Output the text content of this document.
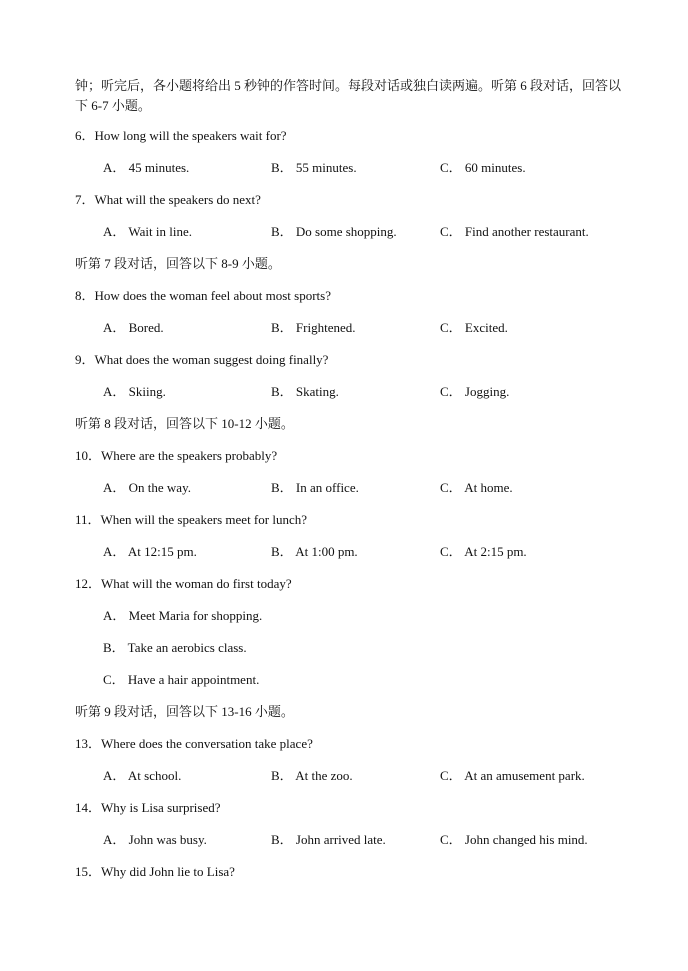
钟；听完后，各小题将给出 5 秒钟的作答时间。每段对话或独白读两遍。听第 6 段对话，回答以下 6-7 小题。
6．How long will the speakers wait for?
A． 45 minutes.	B． 55 minutes.	C． 60 minutes.
7．What will the speakers do next?
A． Wait in line.	B． Do some shopping.	C． Find another restaurant.
听第 7 段对话，回答以下 8-9 小题。
8．How does the woman feel about most sports?
A． Bored.	B． Frightened.	C． Excited.
9．What does the woman suggest doing finally?
A． Skiing.	B． Skating.	C． Jogging.
听第 8 段对话，回答以下 10-12 小题。
10．Where are the speakers probably?
A． On the way.	B． In an office.	C． At home.
11．When will the speakers meet for lunch?
A． At 12:15 pm.	B． At 1:00 pm.	C． At 2:15 pm.
12．What will the woman do first today?
A． Meet Maria for shopping.
B． Take an aerobics class.
C． Have a hair appointment.
听第 9 段对话，回答以下 13-16 小题。
13．Where does the conversation take place?
A． At school.	B． At the zoo.	C． At an amusement park.
14．Why is Lisa surprised?
A． John was busy.	B． John arrived late.	C． John changed his mind.
15．Why did John lie to Lisa?
